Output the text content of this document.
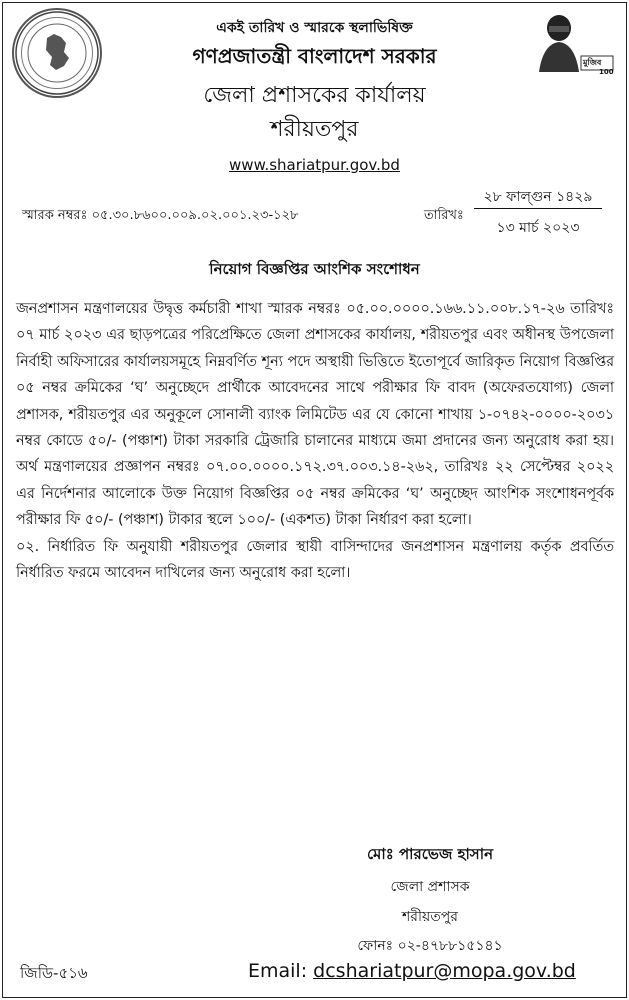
মুজিব
100
একই তারিখ ও স্মারকে স্থলাভিষিক্ত
গণপ্রজাতন্ত্রী বাংলাদেশ সরকার
জেলা প্রশাসকের কার্যালয়
শরীয়তপুর
www.shariatpur.gov.bd
স্মারক নম্বরঃ ০৫.৩০.৮৬০০.০০৯.০২.০০১.২৩-১২৮	তারিখঃ
২৮ ফাল্গুন ১৪২৯
১৩ মার্চ ২০২৩
নিয়োগ বিজ্ঞপ্তির আংশিক সংশোধন

জনপ্রশাসন মন্ত্রণালয়ের উদ্বৃত্ত কর্মচারী শাখা স্মারক নম্বরঃ ০৫.০০.০০০০.১৬৬.১১.০০৮.১৭-২৬ তারিখঃ ০৭ মার্চ ২০২৩ এর ছাড়পত্রের পরিপ্রেক্ষিতে জেলা প্রশাসকের কার্যালয়, শরীয়তপুর এবং অধীনস্থ উপজেলা নির্বাহী অফিসারের কার্যালয়সমূহে নিম্নবর্ণিত শূন্য পদে অস্থায়ী ভিত্তিতে ইতোপূর্বে জারিকৃত নিয়োগ বিজ্ঞপ্তির ০৫ নম্বর ক্রমিকের ‘ঘ’ অনুচ্ছেদে প্রার্থীকে আবেদনের সাথে পরীক্ষার ফি বাবদ (অফেরতযোগ্য) জেলা প্রশাসক, শরীয়তপুর এর অনুকূলে সোনালী ব্যাংক লিমিটেড এর যে কোনো শাখায় ১-০৭৪২-০০০০-২০৩১ নম্বর কোডে ৫০/- (পঞ্চাশ) টাকা সরকারি ট্রেজারি চালানের মাধ্যমে জমা প্রদানের জন্য অনুরোধ করা হয়। অর্থ মন্ত্রণালয়ের প্রজ্ঞাপন নম্বরঃ ০৭.০০.০০০০.১৭২.৩৭.০০৩.১৪-২৬২, তারিখঃ ২২ সেপ্টেম্বর ২০২২ এর নির্দেশনার আলোকে উক্ত নিয়োগ বিজ্ঞপ্তির ০৫ নম্বর ক্রমিকের ‘ঘ’ অনুচ্ছেদ আংশিক সংশোধনপূর্বক পরীক্ষার ফি ৫০/- (পঞ্চাশ) টাকার স্থলে ১০০/- (একশত) টাকা নির্ধারণ করা হলো।

০২. নির্ধারিত ফি অনুযায়ী শরীয়তপুর জেলার স্থায়ী বাসিন্দাদের জনপ্রশাসন মন্ত্রণালয় কর্তৃক প্রবর্তিত নির্ধারিত ফরমে আবেদন দাখিলের জন্য অনুরোধ করা হলো।

মোঃ পারভেজ হাসান
জেলা প্রশাসক
শরীয়তপুর
ফোনঃ ০২-৪৭৮৮১৫১৪১
জিডি-৫১৬	Email: dcshariatpur@mopa.gov.bd
